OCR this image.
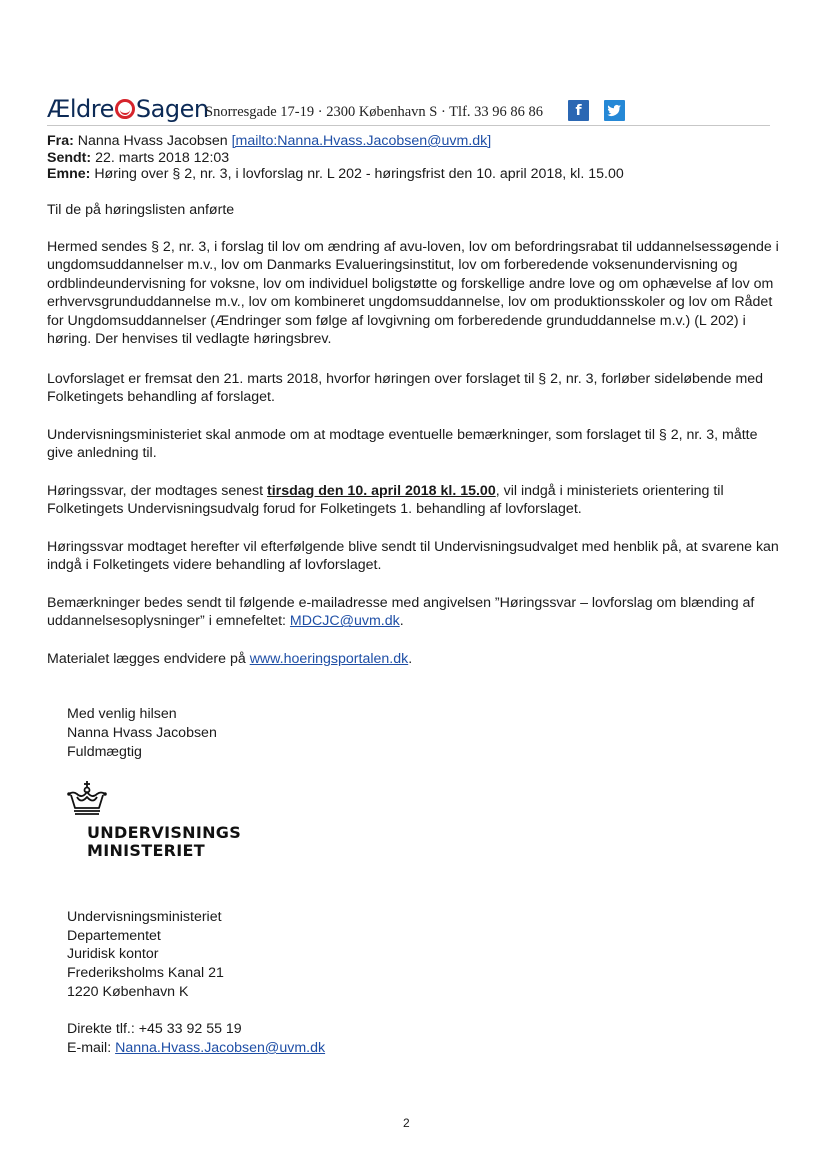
Ældre Sagen
Snorresgade 17-19 · 2300 København S · Tlf. 33 96 86 86	f
Fra: Nanna Hvass Jacobsen [mailto:Nanna.Hvass.Jacobsen@uvm.dk]
Sendt: 22. marts 2018 12:03
Emne: Høring over § 2, nr. 3, i lovforslag nr. L 202 - høringsfrist den 10. april 2018, kl. 15.00
Til de på høringslisten anførte
Hermed sendes § 2, nr. 3, i forslag til lov om ændring af avu-loven, lov om befordringsrabat til uddannelsessøgende i ungdomsuddannelser m.v., lov om Danmarks Evalueringsinstitut, lov om forberedende voksenundervisning og ordblindeundervisning for voksne, lov om individuel boligstøtte og forskellige andre love og om ophævelse af lov om erhvervsgrunduddannelse m.v., lov om kombineret ungdomsuddannelse, lov om produktionsskoler og lov om Rådet for Ungdomsuddannelser (Ændringer som følge af lovgivning om forberedende grunduddannelse m.v.) (L 202) i høring. Der henvises til vedlagte høringsbrev.
Lovforslaget er fremsat den 21. marts 2018, hvorfor høringen over forslaget til § 2, nr. 3, forløber sideløbende med Folketingets behandling af forslaget.
Undervisningsministeriet skal anmode om at modtage eventuelle bemærkninger, som forslaget til § 2, nr. 3, måtte give anledning til.
Høringssvar, der modtages senest tirsdag den 10. april 2018 kl. 15.00, vil indgå i ministeriets orientering til Folketingets Undervisningsudvalg forud for Folketingets 1. behandling af lovforslaget.
Høringssvar modtaget herefter vil efterfølgende blive sendt til Undervisningsudvalget med henblik på, at svarene kan indgå i Folketingets videre behandling af lovforslaget.
Bemærkninger bedes sendt til følgende e-mailadresse med angivelsen ”Høringssvar – lovforslag om blænding af uddannelsesoplysninger” i emnefeltet: MDCJC@uvm.dk.
Materialet lægges endvidere på www.hoeringsportalen.dk.
Med venlig hilsen
Nanna Hvass Jacobsen
Fuldmægtig
UNDERVISNINGS
MINISTERIET
Undervisningsministeriet
Departementet
Juridisk kontor
Frederiksholms Kanal 21
1220 København K
Direkte tlf.: +45 33 92 55 19
E-mail: Nanna.Hvass.Jacobsen@uvm.dk
2
